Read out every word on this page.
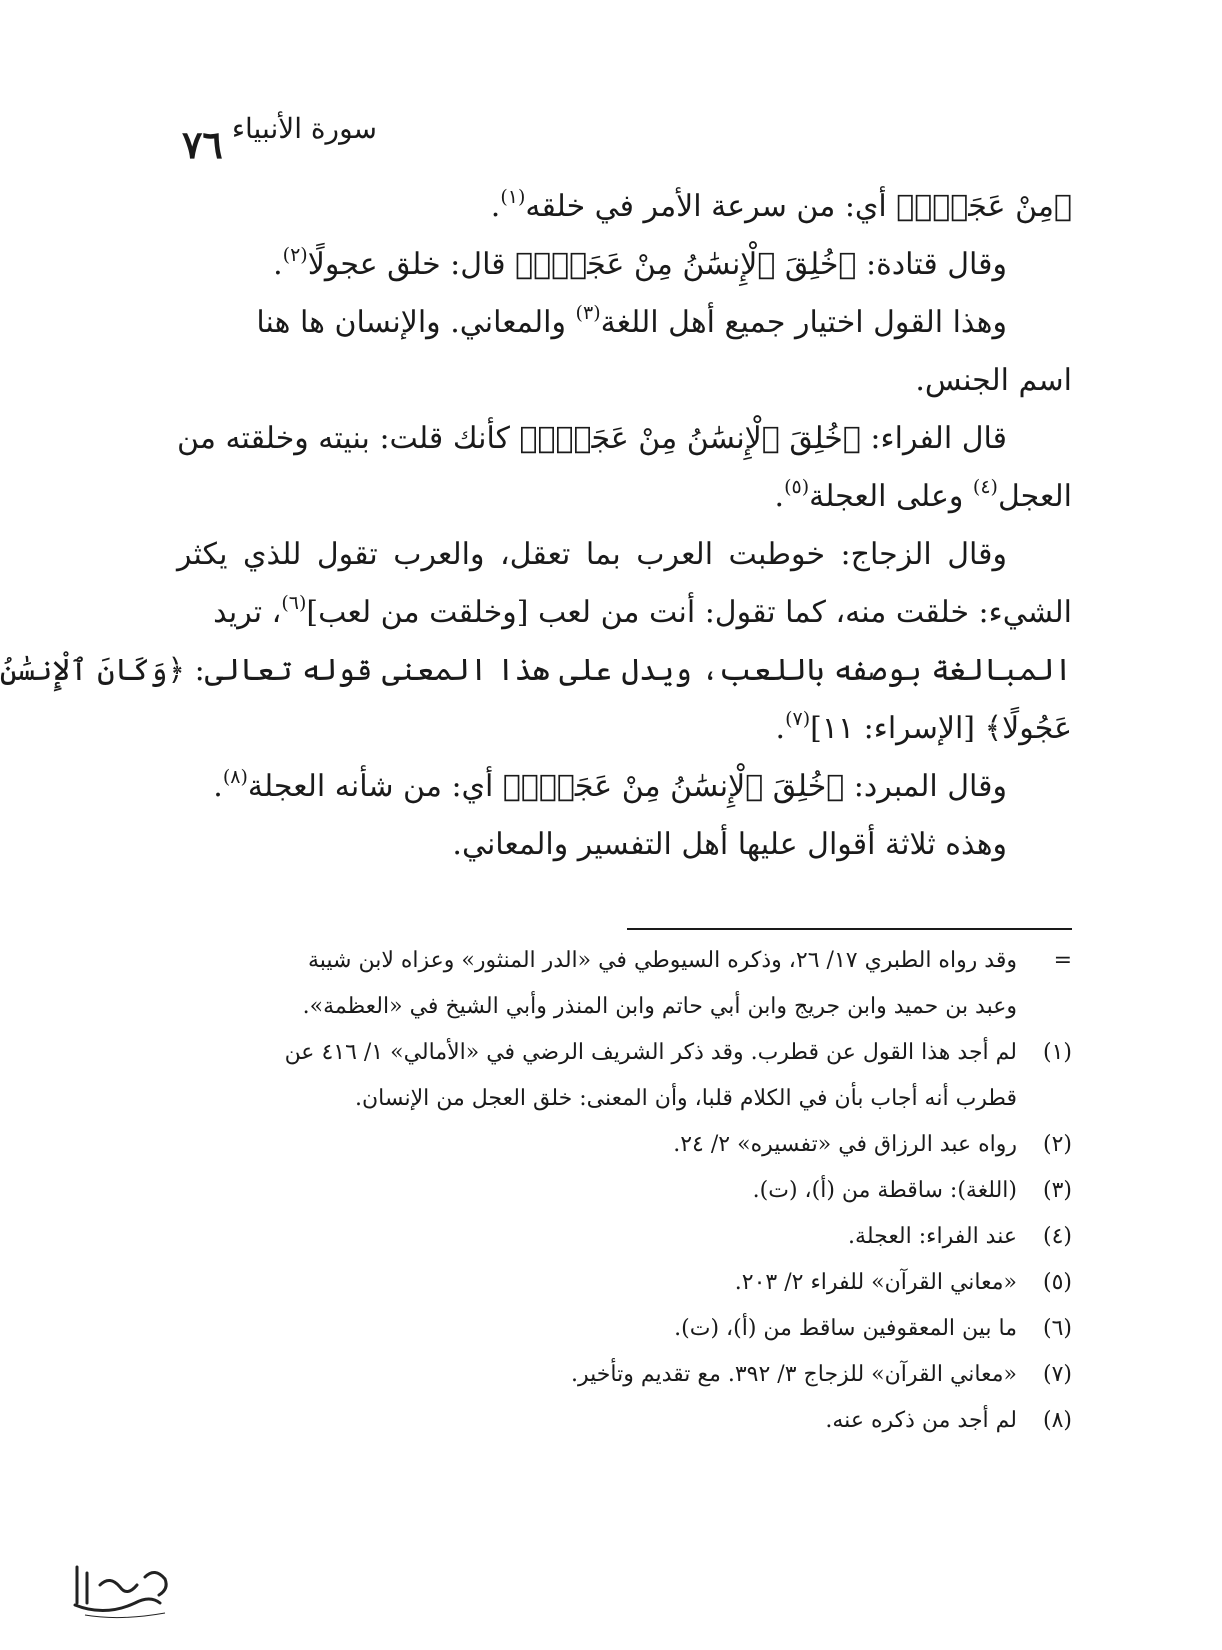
٧٦ سورة الأنبياء
﴿مِنْ عَجَلٍۚ﴾ أي: من سرعة الأمر في خلقه$^{(١)}$.
وقال قتادة: ﴿خُلِقَ ٱلْإِنسَٰنُ مِنْ عَجَلٍۚ﴾ قال: خلق عجولًا$^{(٢)}$.
وهذا القول اختيار جميع أهل اللغة$^{(٣)}$ والمعاني. والإنسان ها هنا
اسم الجنس.
قال الفراء: ﴿خُلِقَ ٱلْإِنسَٰنُ مِنْ عَجَلٍۚ﴾ كأنك قلت: بنيته وخلقته من
العجل$^{(٤)}$ وعلى العجلة$^{(٥)}$.
وقال الزجاج: خوطبت العرب بما تعقل، والعرب تقول للذي يكثر
الشيء: خلقت منه، كما تقول: أنت من لعب [وخلقت من لعب]$^{(٦)}$، تريد
المبالغة بوصفه باللعب، ويدل على هذا المعنى قوله تعالى: ﴿وَكَانَ ٱلْإِنسَٰنُ
عَجُولًا﴾ [الإسراء: ١١]$^{(٧)}$.
وقال المبرد: ﴿خُلِقَ ٱلْإِنسَٰنُ مِنْ عَجَلٍۚ﴾ أي: من شأنه العجلة$^{(٨)}$.
وهذه ثلاثة أقوال عليها أهل التفسير والمعاني.
=
وقد رواه الطبري ١٧/ ٢٦، وذكره السيوطي في «الدر المنثور» وعزاه لابن شيبة
وعبد بن حميد وابن جريج وابن أبي حاتم وابن المنذر وأبي الشيخ في «العظمة».
(١)
لم أجد هذا القول عن قطرب. وقد ذكر الشريف الرضي في «الأمالي» ١/ ٤١٦ عن
قطرب أنه أجاب بأن في الكلام قلبا، وأن المعنى: خلق العجل من الإنسان.
(٢)
رواه عبد الرزاق في «تفسيره» ٢/ ٢٤.
(٣)
(اللغة): ساقطة من (أ)، (ت).
(٤)
عند الفراء: العجلة.
(٥)
«معاني القرآن» للفراء ٢/ ٢٠٣.
(٦)
ما بين المعقوفين ساقط من (أ)، (ت).
(٧)
«معاني القرآن» للزجاج ٣/ ٣٩٢. مع تقديم وتأخير.
(٨)
لم أجد من ذكره عنه.
